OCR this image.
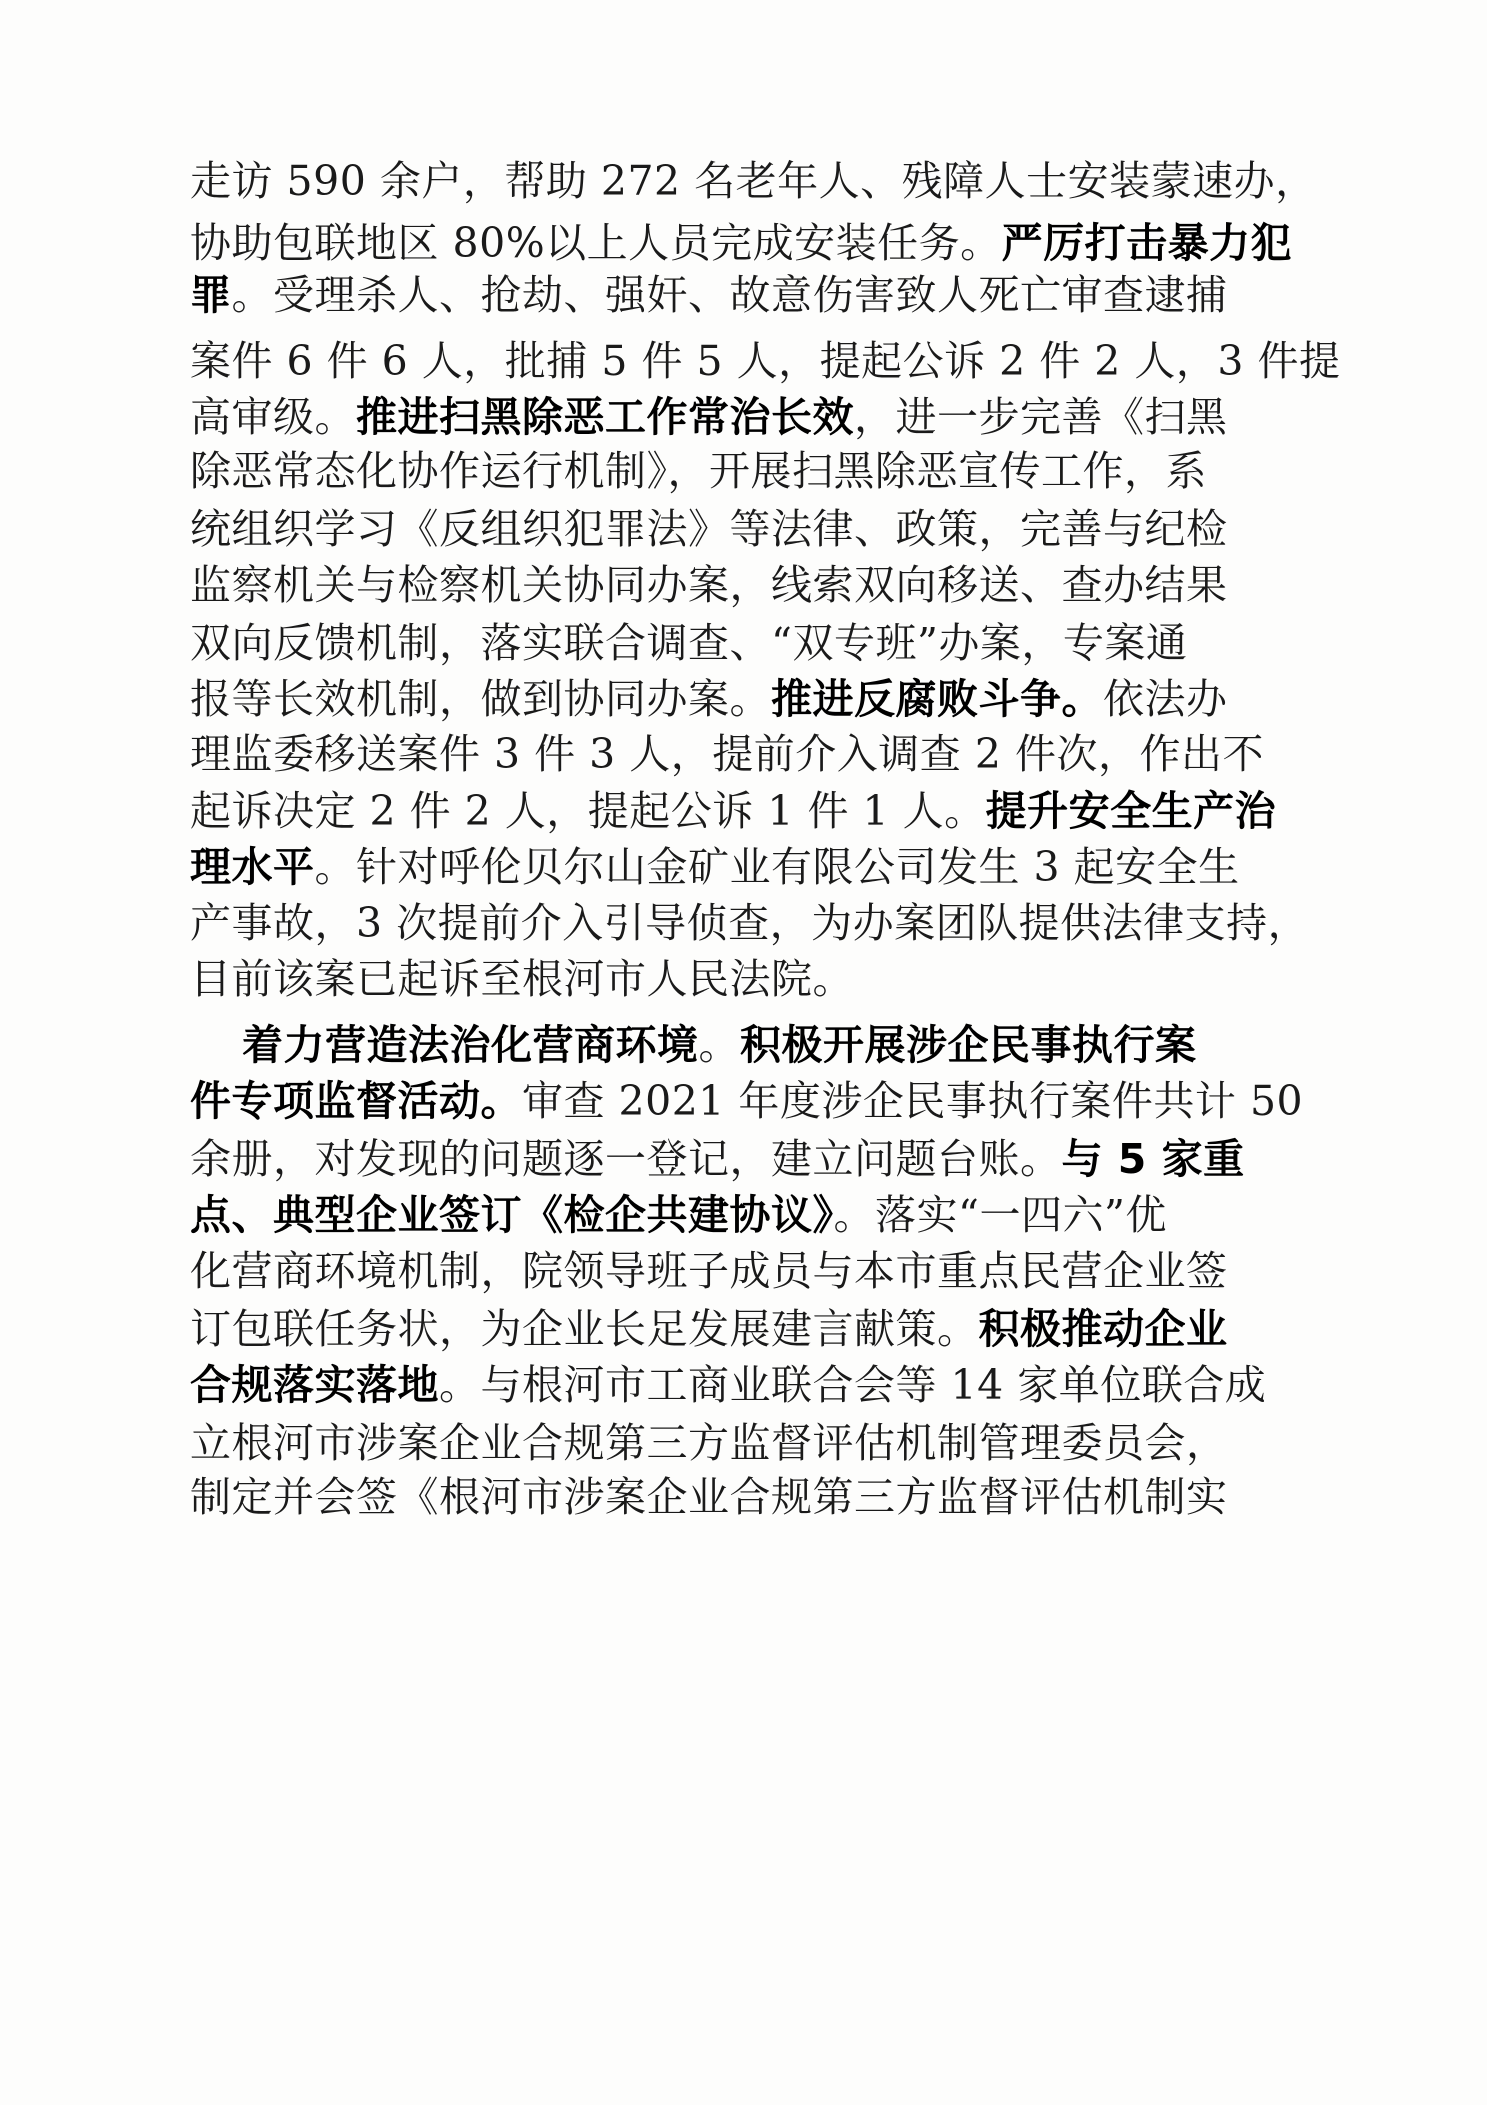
走访 590 余户，帮助 272 名老年人、残障人士安装蒙速办，
协助包联地区 80%以上人员完成安装任务。严厉打击暴力犯
罪。受理杀人、抢劫、强奸、故意伤害致人死亡审查逮捕
案件 6 件 6 人，批捕 5 件 5 人，提起公诉 2 件 2 人，3 件提
高审级。推进扫黑除恶工作常治长效，进一步完善《扫黑
除恶常态化协作运行机制》，开展扫黑除恶宣传工作，系
统组织学习《反组织犯罪法》等法律、政策，完善与纪检
监察机关与检察机关协同办案，线索双向移送、查办结果
双向反馈机制，落实联合调查、“双专班”办案，专案通
报等长效机制，做到协同办案。推进反腐败斗争。依法办
理监委移送案件 3 件 3 人，提前介入调查 2 件次，作出不
起诉决定 2 件 2 人，提起公诉 1 件 1 人。提升安全生产治
理水平。针对呼伦贝尔山金矿业有限公司发生 3 起安全生
产事故，3 次提前介入引导侦查，为办案团队提供法律支持，
目前该案已起诉至根河市人民法院。
着力营造法治化营商环境。积极开展涉企民事执行案
件专项监督活动。审查 2021 年度涉企民事执行案件共计 50
余册，对发现的问题逐一登记，建立问题台账。与 5 家重
点、典型企业签订《检企共建协议》。落实“一四六”优
化营商环境机制，院领导班子成员与本市重点民营企业签
订包联任务状，为企业长足发展建言献策。积极推动企业
合规落实落地。与根河市工商业联合会等 14 家单位联合成
立根河市涉案企业合规第三方监督评估机制管理委员会，
制定并会签《根河市涉案企业合规第三方监督评估机制实
